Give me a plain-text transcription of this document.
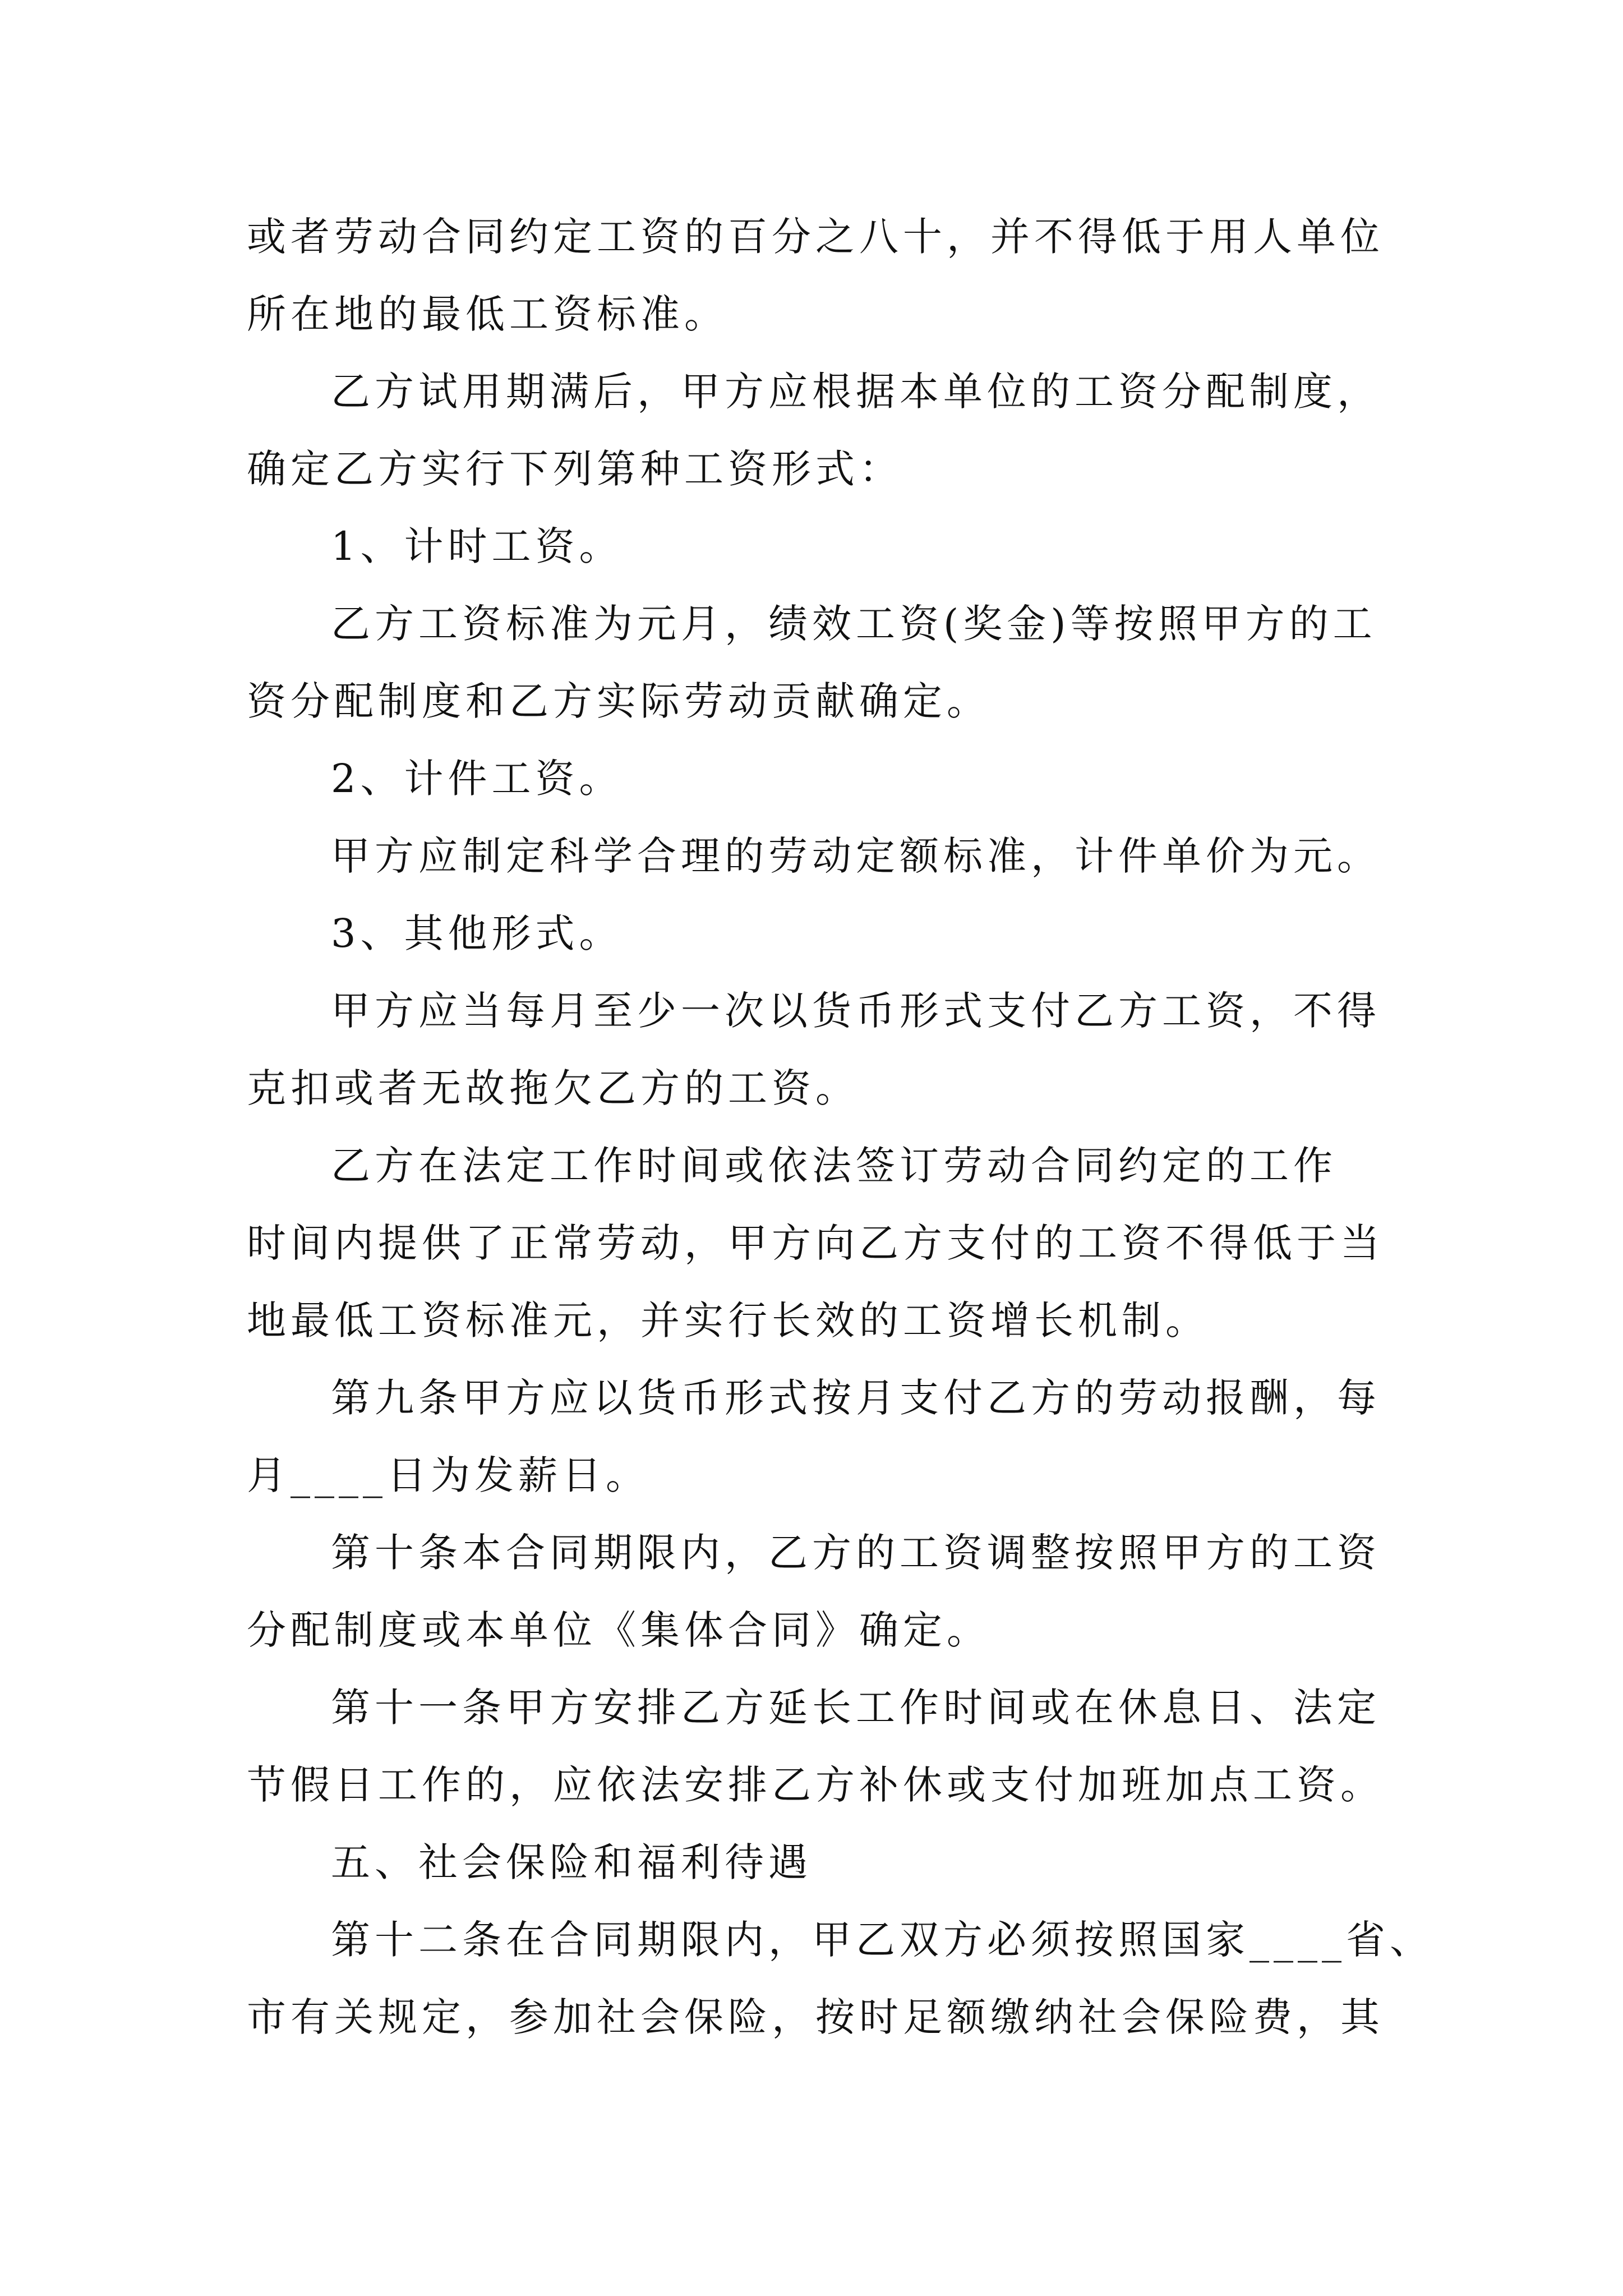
或者劳动合同约定工资的百分之八十，并不得低于用人单位
所在地的最低工资标准。
乙方试用期满后，甲方应根据本单位的工资分配制度，
确定乙方实行下列第种工资形式：
1、计时工资。
乙方工资标准为元月，绩效工资(奖金)等按照甲方的工
资分配制度和乙方实际劳动贡献确定。
2、计件工资。
甲方应制定科学合理的劳动定额标准，计件单价为元。
3、其他形式。
甲方应当每月至少一次以货币形式支付乙方工资，不得
克扣或者无故拖欠乙方的工资。
乙方在法定工作时间或依法签订劳动合同约定的工作
时间内提供了正常劳动，甲方向乙方支付的工资不得低于当
地最低工资标准元，并实行长效的工资增长机制。
第九条甲方应以货币形式按月支付乙方的劳动报酬，每
月____日为发薪日。
第十条本合同期限内，乙方的工资调整按照甲方的工资
分配制度或本单位《集体合同》确定。
第十一条甲方安排乙方延长工作时间或在休息日、法定
节假日工作的，应依法安排乙方补休或支付加班加点工资。
五、社会保险和福利待遇
第十二条在合同期限内，甲乙双方必须按照国家____省、
市有关规定，参加社会保险，按时足额缴纳社会保险费，其
